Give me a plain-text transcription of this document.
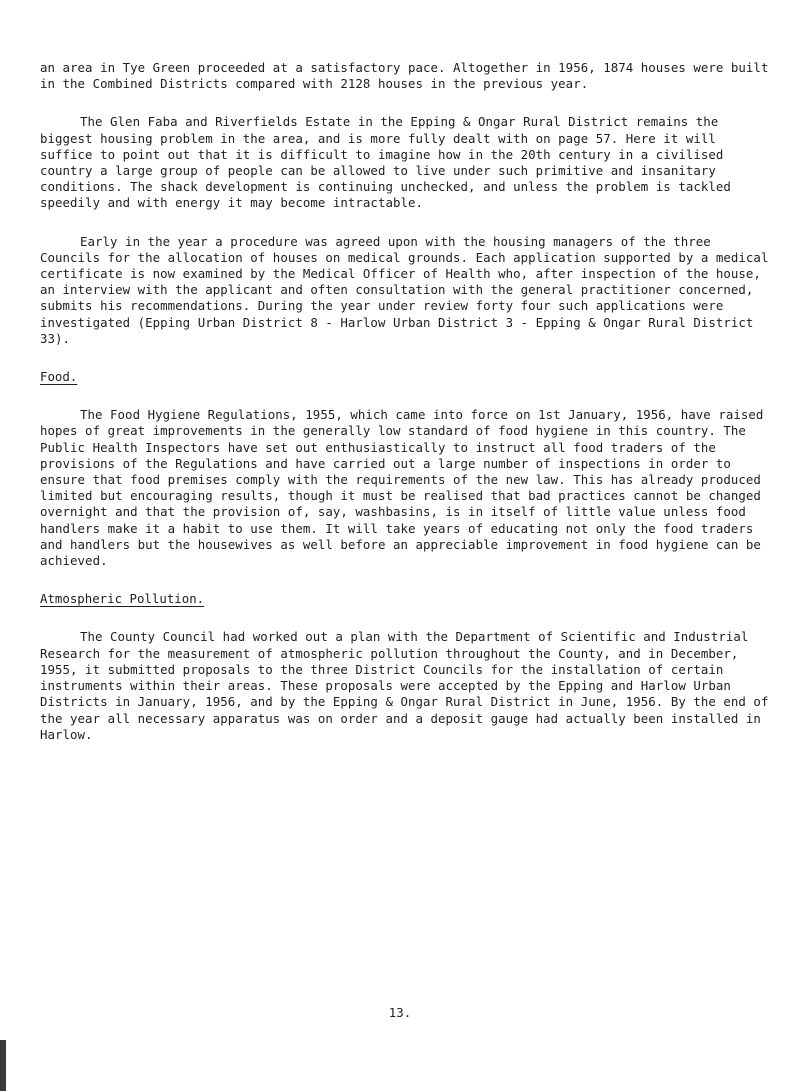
an area in Tye Green proceeded at a satisfactory pace. Altogether in 1956, 1874 houses were built in the Combined Districts compared with 2128 houses in the previous year.

The Glen Faba and Riverfields Estate in the Epping & Ongar Rural District remains the biggest housing problem in the area, and is more fully dealt with on page 57. Here it will suffice to point out that it is difficult to imagine how in the 20th century in a civilised country a large group of people can be allowed to live under such primitive and insanitary conditions. The shack development is continuing unchecked, and unless the problem is tackled speedily and with energy it may become intractable.

Early in the year a procedure was agreed upon with the housing managers of the three Councils for the allocation of houses on medical grounds. Each application supported by a medical certificate is now examined by the Medical Officer of Health who, after inspection of the house, an interview with the applicant and often consultation with the general practitioner concerned, submits his recommendations. During the year under review forty four such applications were investigated (Epping Urban District 8 - Harlow Urban District 3 - Epping & Ongar Rural District 33).

Food.

The Food Hygiene Regulations, 1955, which came into force on 1st January, 1956, have raised hopes of great improvements in the generally low standard of food hygiene in this country. The Public Health Inspectors have set out enthusiastically to instruct all food traders of the provisions of the Regulations and have carried out a large number of inspections in order to ensure that food premises comply with the requirements of the new law. This has already produced limited but encouraging results, though it must be realised that bad practices cannot be changed overnight and that the provision of, say, washbasins, is in itself of little value unless food handlers make it a habit to use them. It will take years of educating not only the food traders and handlers but the housewives as well before an appreciable improvement in food hygiene can be achieved.

Atmospheric Pollution.

The County Council had worked out a plan with the Department of Scientific and Industrial Research for the measurement of atmospheric pollution throughout the County, and in December, 1955, it submitted proposals to the three District Councils for the installation of certain instruments within their areas. These proposals were accepted by the Epping and Harlow Urban Districts in January, 1956, and by the Epping & Ongar Rural District in June, 1956. By the end of the year all necessary apparatus was on order and a deposit gauge had actually been installed in Harlow.

13.
